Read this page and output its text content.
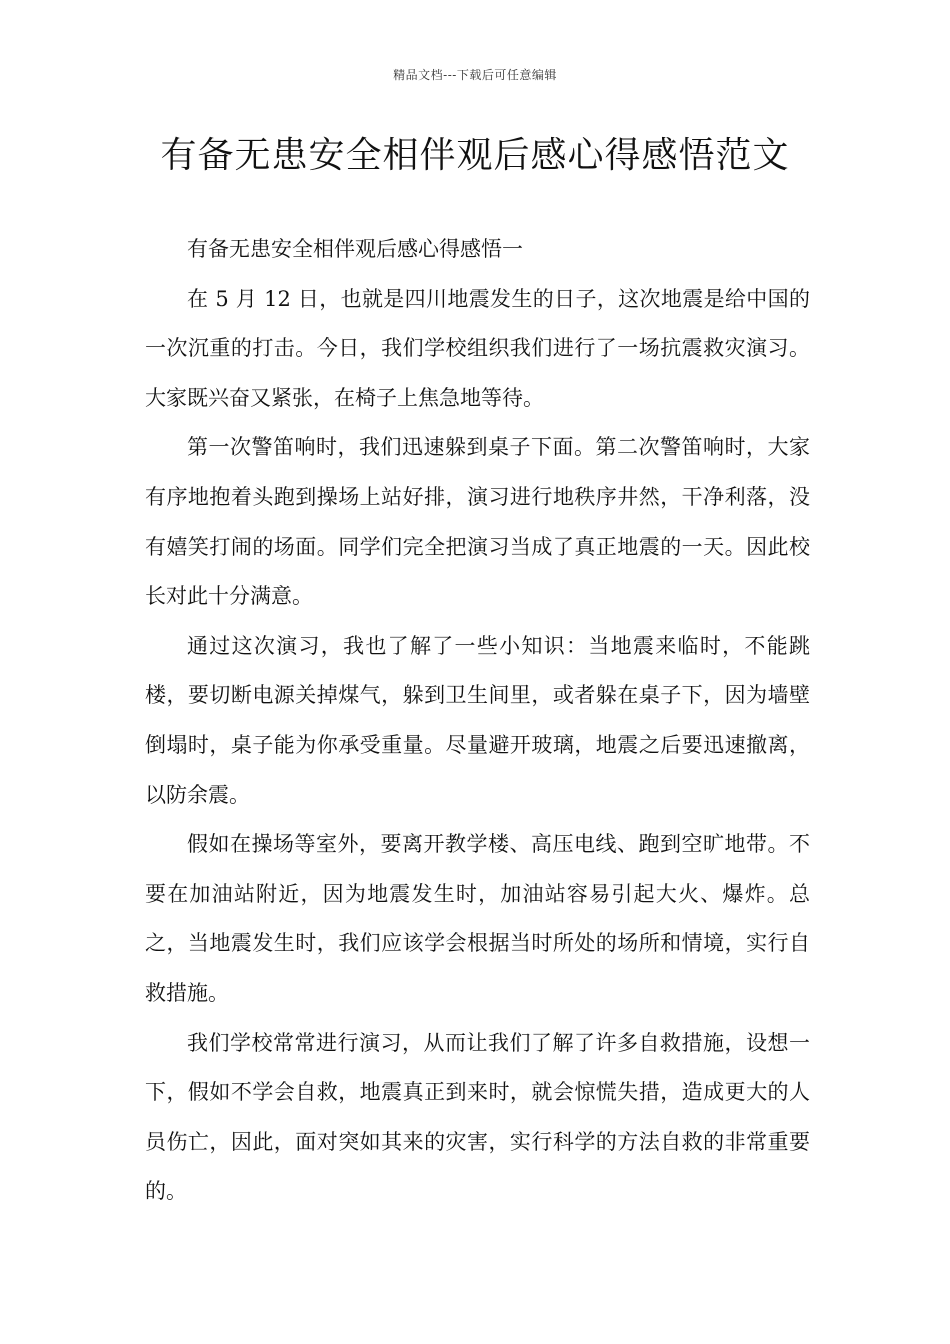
精品文档---下载后可任意编辑
有备无患安全相伴观后感心得感悟范文

有备无患安全相伴观后感心得感悟一

在 5 月 12 日，也就是四川地震发生的日子，这次地震是给中国的一次沉重的打击。今日，我们学校组织我们进行了一场抗震救灾演习。大家既兴奋又紧张，在椅子上焦急地等待。

第一次警笛响时，我们迅速躲到桌子下面。第二次警笛响时，大家有序地抱着头跑到操场上站好排，演习进行地秩序井然，干净利落，没有嬉笑打闹的场面。同学们完全把演习当成了真正地震的一天。因此校长对此十分满意。

通过这次演习，我也了解了一些小知识：当地震来临时，不能跳楼，要切断电源关掉煤气，躲到卫生间里，或者躲在桌子下，因为墙壁倒塌时，桌子能为你承受重量。尽量避开玻璃，地震之后要迅速撤离，以防余震。

假如在操场等室外，要离开教学楼、高压电线、跑到空旷地带。不要在加油站附近，因为地震发生时，加油站容易引起大火、爆炸。总之，当地震发生时，我们应该学会根据当时所处的场所和情境，实行自救措施。

我们学校常常进行演习，从而让我们了解了许多自救措施，设想一下，假如不学会自救，地震真正到来时，就会惊慌失措，造成更大的人员伤亡，因此，面对突如其来的灾害，实行科学的方法自救的非常重要的。
